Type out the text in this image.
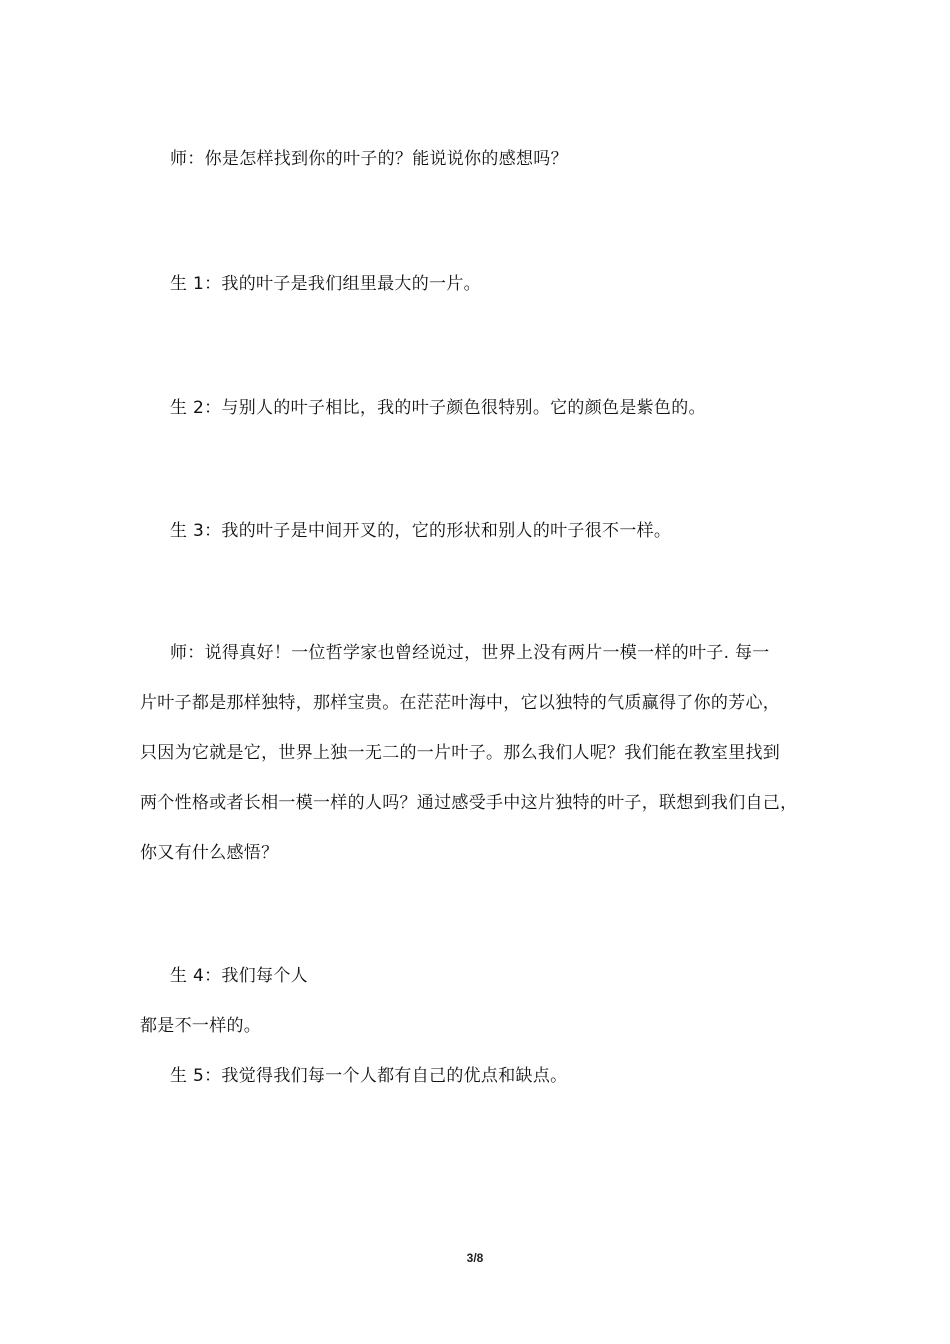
师：你是怎样找到你的叶子的？能说说你的感想吗？
生 1：我的叶子是我们组里最大的一片。
生 2：与别人的叶子相比，我的叶子颜色很特别。它的颜色是紫色的。
生 3：我的叶子是中间开叉的，它的形状和别人的叶子很不一样。
师：说得真好！一位哲学家也曾经说过，世界上没有两片一模一样的叶子. 每一
片叶子都是那样独特，那样宝贵。在茫茫叶海中，它以独特的气质赢得了你的芳心，
只因为它就是它，世界上独一无二的一片叶子。那么我们人呢？我们能在教室里找到
两个性格或者长相一模一样的人吗？通过感受手中这片独特的叶子，联想到我们自己，
你又有什么感悟？
生 4：我们每个人
都是不一样的。
生 5：我觉得我们每一个人都有自己的优点和缺点。
3/8
